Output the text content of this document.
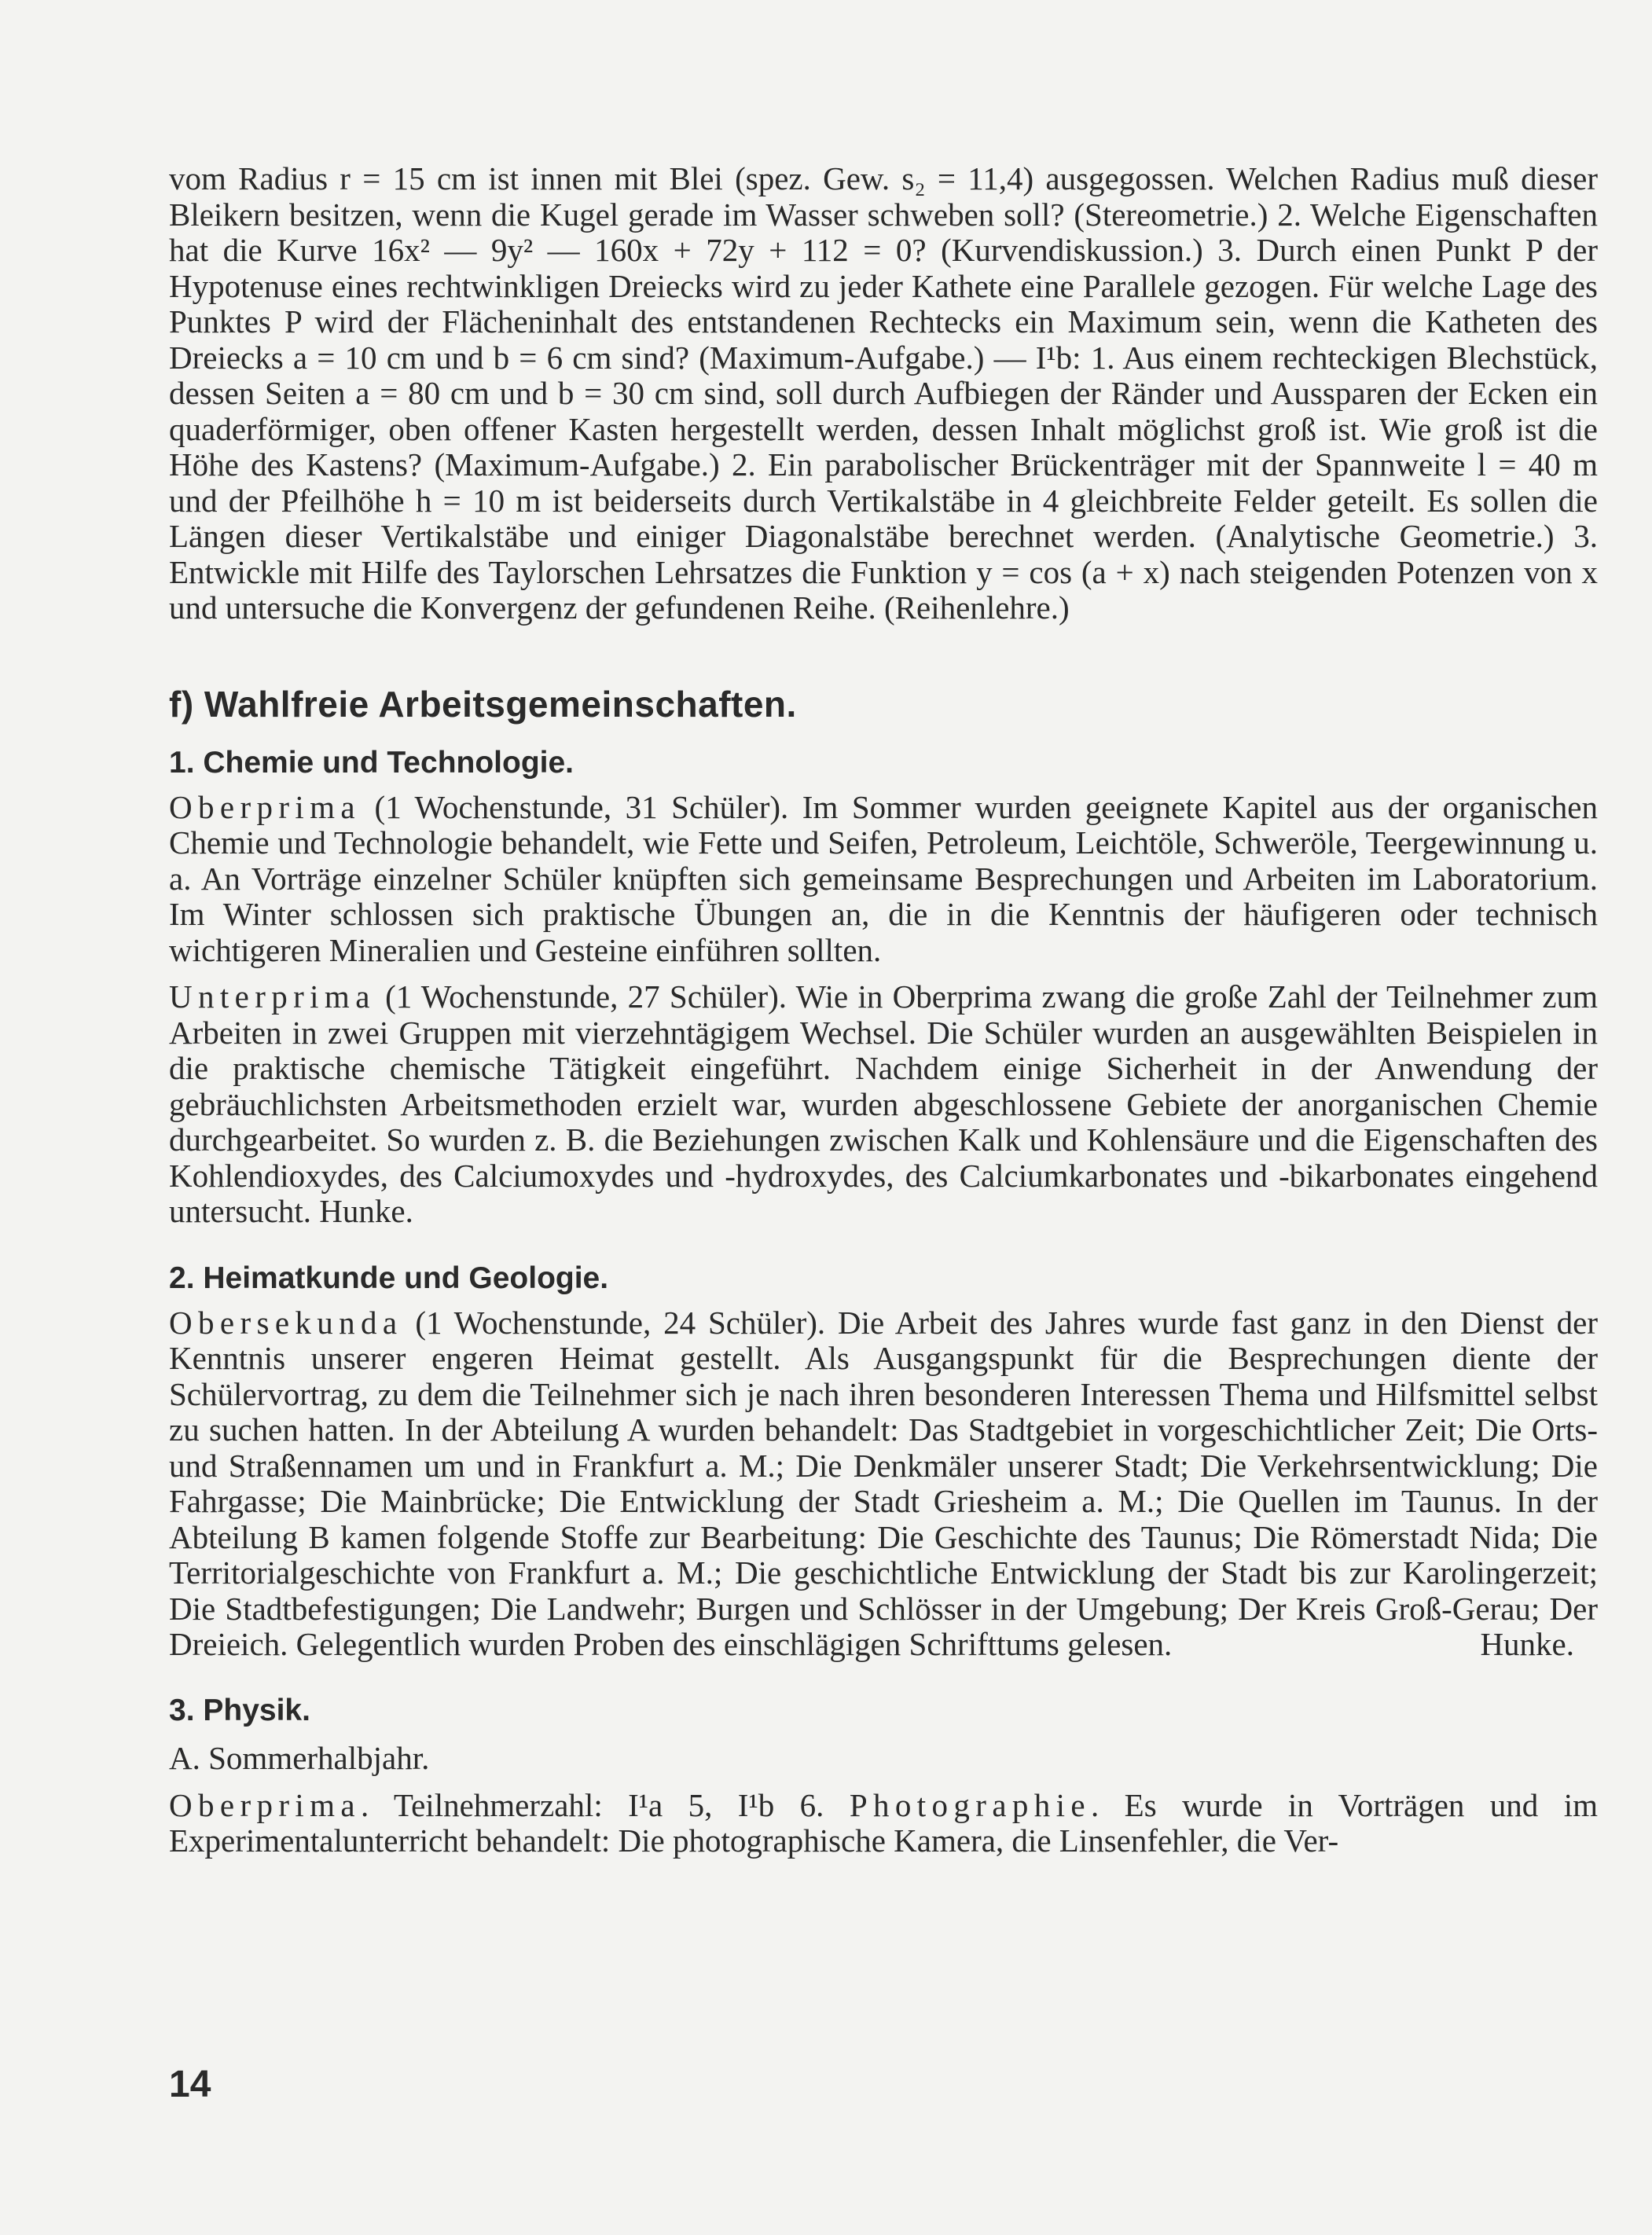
vom Radius r = 15 cm ist innen mit Blei (spez. Gew. s₂ = 11,4) ausgegossen. Welchen Radius muß dieser Bleikern besitzen, wenn die Kugel gerade im Wasser schweben soll? (Stereometrie.) 2. Welche Eigenschaften hat die Kurve 16x² — 9y² — 160x + 72y + 112 = 0? (Kurvendiskussion.) 3. Durch einen Punkt P der Hypotenuse eines rechtwinkligen Dreiecks wird zu jeder Kathete eine Parallele gezogen. Für welche Lage des Punktes P wird der Flächeninhalt des entstandenen Rechtecks ein Maximum sein, wenn die Katheten des Dreiecks a = 10 cm und b = 6 cm sind? (Maximum-Aufgabe.) — I¹b: 1. Aus einem rechteckigen Blechstück, dessen Seiten a = 80 cm und b = 30 cm sind, soll durch Aufbiegen der Ränder und Aussparen der Ecken ein quaderförmiger, oben offener Kasten hergestellt werden, dessen Inhalt möglichst groß ist. Wie groß ist die Höhe des Kastens? (Maximum-Aufgabe.) 2. Ein parabolischer Brückenträger mit der Spannweite l = 40 m und der Pfeilhöhe h = 10 m ist beiderseits durch Vertikalstäbe in 4 gleichbreite Felder geteilt. Es sollen die Längen dieser Vertikalstäbe und einiger Diagonalstäbe berechnet werden. (Analytische Geometrie.) 3. Entwickle mit Hilfe des Taylorschen Lehrsatzes die Funktion y = cos (a + x) nach steigenden Potenzen von x und untersuche die Konvergenz der gefundenen Reihe. (Reihenlehre.)

f) Wahlfreie Arbeitsgemeinschaften.
1. Chemie und Technologie.

Oberprima (1 Wochenstunde, 31 Schüler). Im Sommer wurden geeignete Kapitel aus der organischen Chemie und Technologie behandelt, wie Fette und Seifen, Petroleum, Leichtöle, Schweröle, Teergewinnung u. a. An Vorträge einzelner Schüler knüpften sich gemeinsame Besprechungen und Arbeiten im Laboratorium. Im Winter schlossen sich praktische Übungen an, die in die Kenntnis der häufigeren oder technisch wichtigeren Mineralien und Gesteine einführen sollten.

Unterprima (1 Wochenstunde, 27 Schüler). Wie in Oberprima zwang die große Zahl der Teilnehmer zum Arbeiten in zwei Gruppen mit vierzehntägigem Wechsel. Die Schüler wurden an ausgewählten Beispielen in die praktische chemische Tätigkeit eingeführt. Nachdem einige Sicherheit in der Anwendung der gebräuchlichsten Arbeitsmethoden erzielt war, wurden abgeschlossene Gebiete der anorganischen Chemie durchgearbeitet. So wurden z. B. die Beziehungen zwischen Kalk und Kohlensäure und die Eigenschaften des Kohlendioxydes, des Calciumoxydes und -hydroxydes, des Calciumkarbonates und -bikarbonates eingehend untersucht. Hunke.

2. Heimatkunde und Geologie.

Obersekunda (1 Wochenstunde, 24 Schüler). Die Arbeit des Jahres wurde fast ganz in den Dienst der Kenntnis unserer engeren Heimat gestellt. Als Ausgangspunkt für die Besprechungen diente der Schülervortrag, zu dem die Teilnehmer sich je nach ihren besonderen Interessen Thema und Hilfsmittel selbst zu suchen hatten. In der Abteilung A wurden behandelt: Das Stadtgebiet in vorgeschichtlicher Zeit; Die Orts- und Straßennamen um und in Frankfurt a. M.; Die Denkmäler unserer Stadt; Die Verkehrsentwicklung; Die Fahrgasse; Die Mainbrücke; Die Entwicklung der Stadt Griesheim a. M.; Die Quellen im Taunus. In der Abteilung B kamen folgende Stoffe zur Bearbeitung: Die Geschichte des Taunus; Die Römerstadt Nida; Die Territorialgeschichte von Frankfurt a. M.; Die geschichtliche Entwicklung der Stadt bis zur Karolingerzeit; Die Stadtbefestigungen; Die Landwehr; Burgen und Schlösser in der Umgebung; Der Kreis Groß-Gerau; Der Dreieich. Gelegentlich wurden Proben des einschlägigen Schrifttums gelesen.	Hunke.
3. Physik.

A. Sommerhalbjahr.

Oberprima. Teilnehmerzahl: I¹a 5, I¹b 6. Photographie. Es wurde in Vorträgen und im Experimentalunterricht behandelt: Die photographische Kamera, die Linsenfehler, die Ver-

14
